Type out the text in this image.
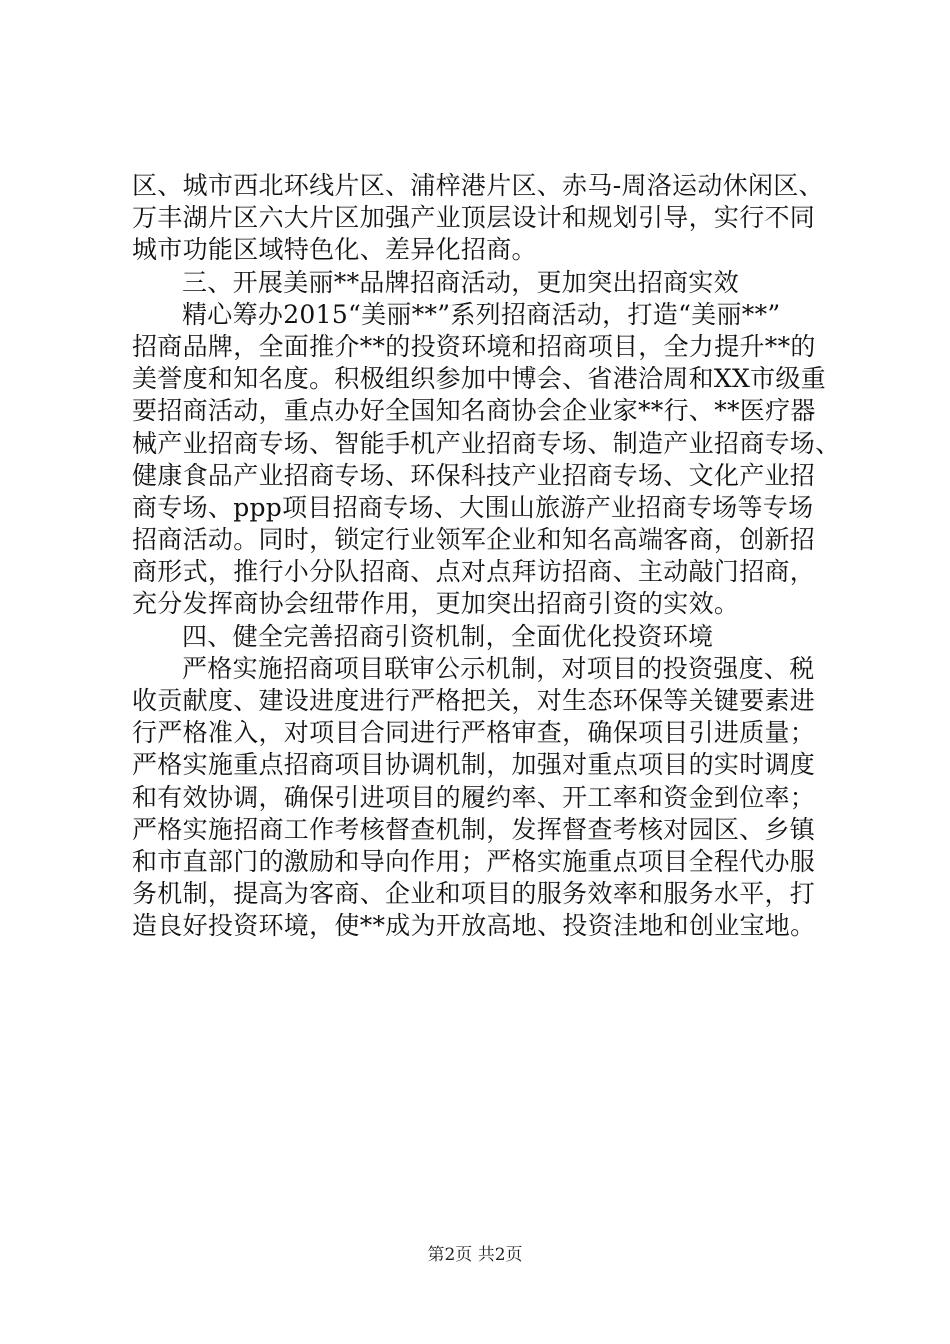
区、城市西北环线片区、浦梓港片区、赤马-周洛运动休闲区、
万丰湖片区六大片区加强产业顶层设计和规划引导，实行不同
城市功能区域特色化、差异化招商。
三、开展美丽**品牌招商活动，更加突出招商实效
精心筹办2015“美丽**”系列招商活动，打造“美丽**”
招商品牌，全面推介**的投资环境和招商项目，全力提升**的
美誉度和知名度。积极组织参加中博会、省港洽周和XX市级重
要招商活动，重点办好全国知名商协会企业家**行、**医疗器
械产业招商专场、智能手机产业招商专场、制造产业招商专场、
健康食品产业招商专场、环保科技产业招商专场、文化产业招
商专场、ppp项目招商专场、大围山旅游产业招商专场等专场
招商活动。同时，锁定行业领军企业和知名高端客商，创新招
商形式，推行小分队招商、点对点拜访招商、主动敲门招商，
充分发挥商协会纽带作用，更加突出招商引资的实效。
四、健全完善招商引资机制，全面优化投资环境
严格实施招商项目联审公示机制，对项目的投资强度、税
收贡献度、建设进度进行严格把关，对生态环保等关键要素进
行严格准入，对项目合同进行严格审查，确保项目引进质量；
严格实施重点招商项目协调机制，加强对重点项目的实时调度
和有效协调，确保引进项目的履约率、开工率和资金到位率；
严格实施招商工作考核督查机制，发挥督查考核对园区、乡镇
和市直部门的激励和导向作用；严格实施重点项目全程代办服
务机制，提高为客商、企业和项目的服务效率和服务水平，打
造良好投资环境，使**成为开放高地、投资洼地和创业宝地。
第2页 共2页
